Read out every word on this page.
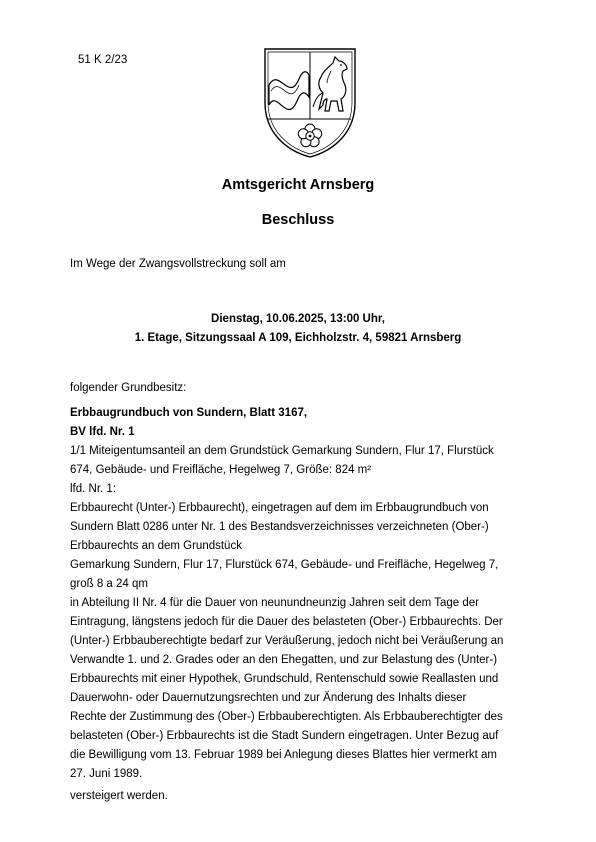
51 K 2/23
Amtsgericht Arnsberg
Beschluss
Im Wege der Zwangsvollstreckung soll am
Dienstag, 10.06.2025, 13:00 Uhr,
1. Etage, Sitzungssaal A 109, Eichholzstr. 4, 59821 Arnsberg
folgender Grundbesitz:
Erbbaugrundbuch von Sundern, Blatt 3167,
BV lfd. Nr. 1
1/1 Miteigentumsanteil an dem Grundstück Gemarkung Sundern, Flur 17, Flurstück
674, Gebäude- und Freifläche, Hegelweg 7, Größe: 824 m²
lfd. Nr. 1:
Erbbaurecht (Unter-) Erbbaurecht), eingetragen auf dem im Erbbaugrundbuch von
Sundern Blatt 0286 unter Nr. 1 des Bestandsverzeichnisses verzeichneten (Ober-)
Erbbaurechts an dem Grundstück
Gemarkung Sundern, Flur 17, Flurstück 674, Gebäude- und Freifläche, Hegelweg 7,
groß 8 a 24 qm
in Abteilung II Nr. 4 für die Dauer von neunundneunzig Jahren seit dem Tage der
Eintragung, längstens jedoch für die Dauer des belasteten (Ober-) Erbbaurechts. Der
(Unter-) Erbbauberechtigte bedarf zur Veräußerung, jedoch nicht bei Veräußerung an
Verwandte 1. und 2. Grades oder an den Ehegatten, und zur Belastung des (Unter-)
Erbbaurechts mit einer Hypothek, Grundschuld, Rentenschuld sowie Reallasten und
Dauerwohn- oder Dauernutzungsrechten und zur Änderung des Inhalts dieser
Rechte der Zustimmung des (Ober-) Erbbauberechtigten. Als Erbbauberechtigter des
belasteten (Ober-) Erbbaurechts ist die Stadt Sundern eingetragen. Unter Bezug auf
die Bewilligung vom 13. Februar 1989 bei Anlegung dieses Blattes hier vermerkt am
27. Juni 1989.
versteigert werden.
